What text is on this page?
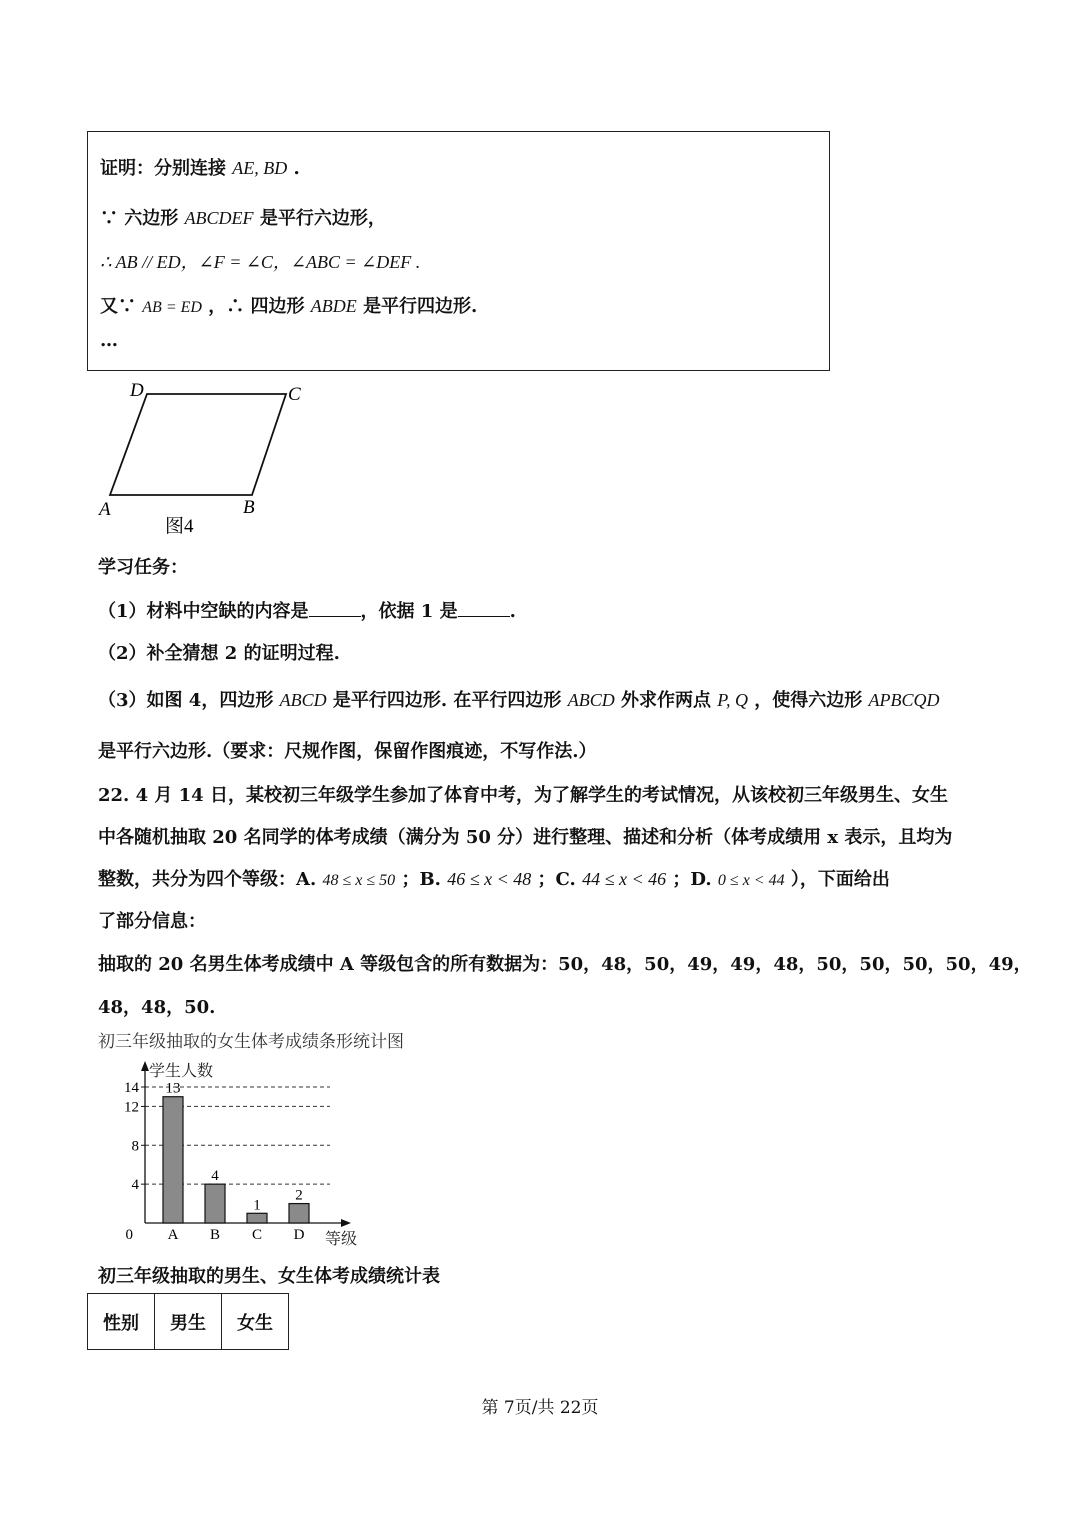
证明：分别连接 AE, BD .
∵ 六边形 ABCDEF 是平行六边形，
∴ AB // ED，∠F = ∠C，∠ABC = ∠DEF .
又∵ AB = ED ，∴ 四边形 ABDE 是平行四边形.
…
D	C
A	B
图4
学习任务：
（1）材料中空缺的内容是	，依据 1 是	.
（2）补全猜想 2 的证明过程.
（3）如图 4，四边形 ABCD 是平行四边形. 在平行四边形 ABCD 外求作两点 P, Q ，使得六边形 APBCQD
是平行六边形.（要求：尺规作图，保留作图痕迹，不写作法.）
22. 4 月 14 日，某校初三年级学生参加了体育中考，为了解学生的考试情况，从该校初三年级男生、女生
中各随机抽取 20 名同学的体考成绩（满分为 50 分）进行整理、描述和分析（体考成绩用 x 表示，且均为
整数，共分为四个等级：A. 48 ≤ x ≤ 50 ；B. 46 ≤ x < 48 ；C. 44 ≤ x < 46 ；D. 0 ≤ x < 44 ），下面给出
了部分信息：
抽取的 20 名男生体考成绩中 A 等级包含的所有数据为：50，48，50，49，49，48，50，50，50，50，49，
48，48，50.
初三年级抽取的女生体考成绩条形统计图
0
4
8
12
14
学生人数
等级
13
A
4
B
1
C
2
D
初三年级抽取的男生、女生体考成绩统计表
性别	男生	女生
第 7页/共 22页
